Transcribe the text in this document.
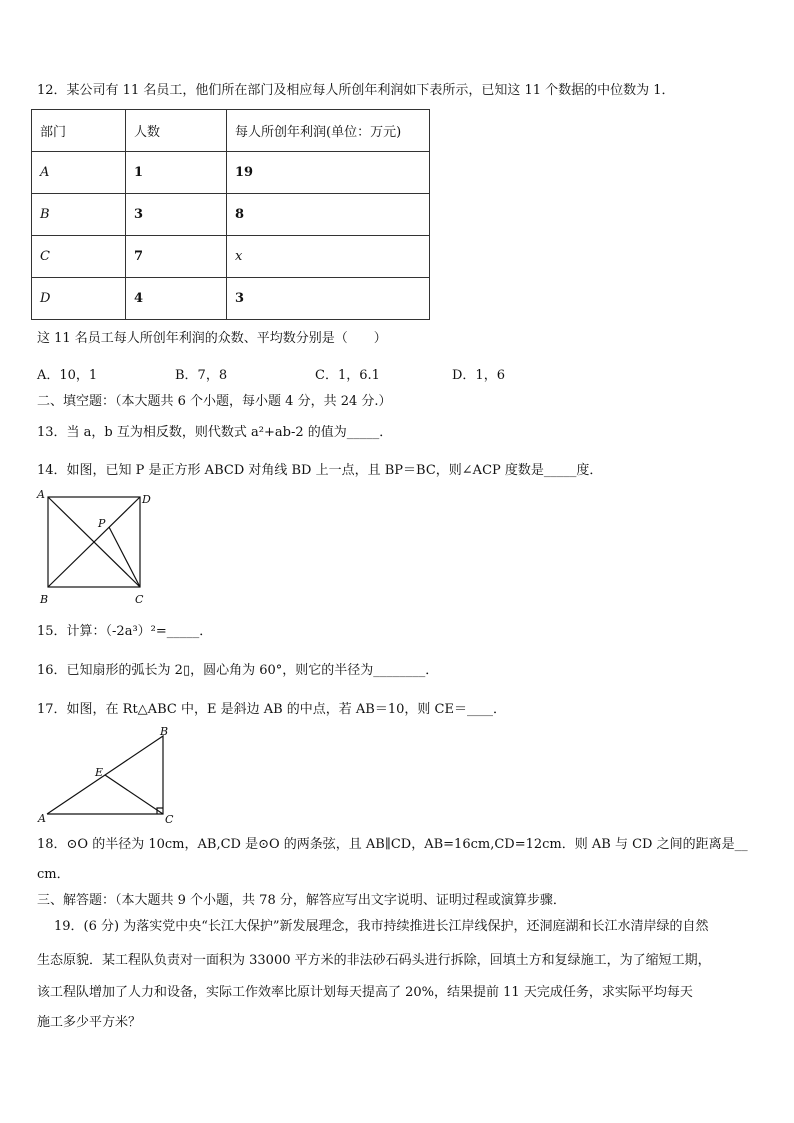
12．某公司有 11 名员工，他们所在部门及相应每人所创年利润如下表所示，已知这 11 个数据的中位数为 1．
部门	人数	每人所创年利润(单位：万元)
A	1	19
B	3	8
C	7	x
D	4	3
这 11 名员工每人所创年利润的众数、平均数分别是（　　）
A．10，1	B．7，8	C．1，6.1	D．1，6
二、填空题：（本大题共 6 个小题，每小题 4 分，共 24 分.）
13．当 a，b 互为相反数，则代数式 a²+ab-2 的值为_____．
14．如图，已知 P 是正方形 ABCD 对角线 BD 上一点，且 BP＝BC，则∠ACP 度数是_____度．
A	D
P
B	C
15．计算：（-2a³）²=_____．
16．已知扇形的弧长为 2▯，圆心角为 60°，则它的半径为________．
17．如图，在 Rt△ABC 中，E 是斜边 AB 的中点，若 AB＝10，则 CE＝____．
A
B
C
E
18．⊙O 的半径为 10cm，AB,CD 是⊙O 的两条弦，且 AB∥CD，AB=16cm,CD=12cm．则 AB 与 CD 之间的距离是__
cm．
三、解答题：（本大题共 9 个小题，共 78 分，解答应写出文字说明、证明过程或演算步骤．
19．(6 分) 为落实党中央“长江大保护”新发展理念，我市持续推进长江岸线保护，还洞庭湖和长江水清岸绿的自然
生态原貌．某工程队负责对一面积为 33000 平方米的非法砂石码头进行拆除，回填土方和复绿施工，为了缩短工期，
该工程队增加了人力和设备，实际工作效率比原计划每天提高了 20%，结果提前 11 天完成任务，求实际平均每天
施工多少平方米？
